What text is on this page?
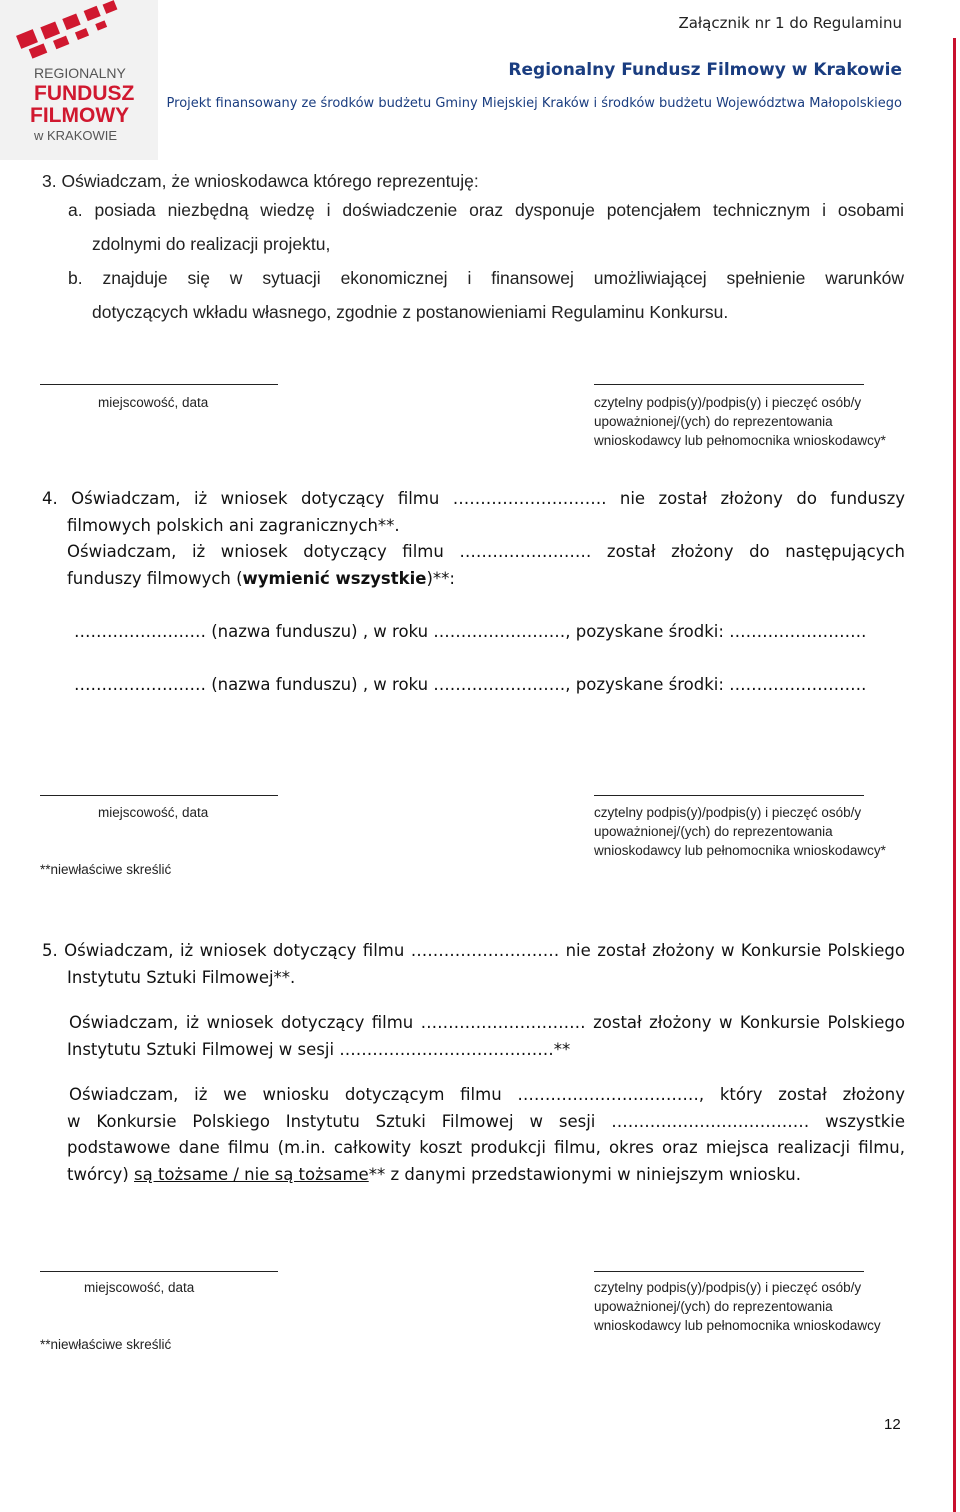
REGIONALNY
FUNDUSZ
FILMOWY
w KRAKOWIE
Załącznik nr 1 do Regulaminu
Regionalny Fundusz Filmowy w Krakowie
Projekt finansowany ze środków budżetu Gminy Miejskiej Kraków i środków budżetu Województwa Małopolskiego
3. Oświadczam, że wnioskodawca którego reprezentuję:
a. posiada niezbędną wiedzę i doświadczenie oraz dysponuje potencjałem technicznym i osobami
zdolnymi do realizacji projektu,
b. znajduje się w sytuacji ekonomicznej i finansowej umożliwiającej spełnienie warunków
dotyczących wkładu własnego, zgodnie z postanowieniami Regulaminu Konkursu.
miejscowość, data	czytelny podpis(y)/podpis(y) i pieczęć osób/y
upoważnionej/(ych) do reprezentowania
wnioskodawcy lub pełnomocnika wnioskodawcy*
4. Oświadczam, iż wniosek dotyczący filmu ………………………. nie został złożony do funduszy
filmowych polskich ani zagranicznych**.
Oświadczam, iż wniosek dotyczący filmu …………………… został złożony do następujących
funduszy filmowych (wymienić wszystkie)**:
…………………… (nazwa funduszu) , w roku ……………………, pozyskane środki: …………………….
…………………… (nazwa funduszu) , w roku ……………………, pozyskane środki: …………………….
miejscowość, data	czytelny podpis(y)/podpis(y) i pieczęć osób/y
upoważnionej/(ych) do reprezentowania
wnioskodawcy lub pełnomocnika wnioskodawcy*
**niewłaściwe skreślić
5. Oświadczam, iż wniosek dotyczący filmu ……………………… nie został złożony w Konkursie Polskiego
Instytutu Sztuki Filmowej**.
Oświadczam, iż wniosek dotyczący filmu ………………………… został złożony w Konkursie Polskiego
Instytutu Sztuki Filmowej w sesji …………………………………**
Oświadczam, iż we wniosku dotyczącym filmu ……………………………, który został złożony
w Konkursie Polskiego Instytutu Sztuki Filmowej w sesji ……………………………… wszystkie
podstawowe dane filmu (m.in. całkowity koszt produkcji filmu, okres oraz miejsca realizacji filmu,
twórcy) są tożsame / nie są tożsame** z danymi przedstawionymi w niniejszym wniosku.
miejscowość, data	czytelny podpis(y)/podpis(y) i pieczęć osób/y
upoważnionej/(ych) do reprezentowania
wnioskodawcy lub pełnomocnika wnioskodawcy
**niewłaściwe skreślić
12
